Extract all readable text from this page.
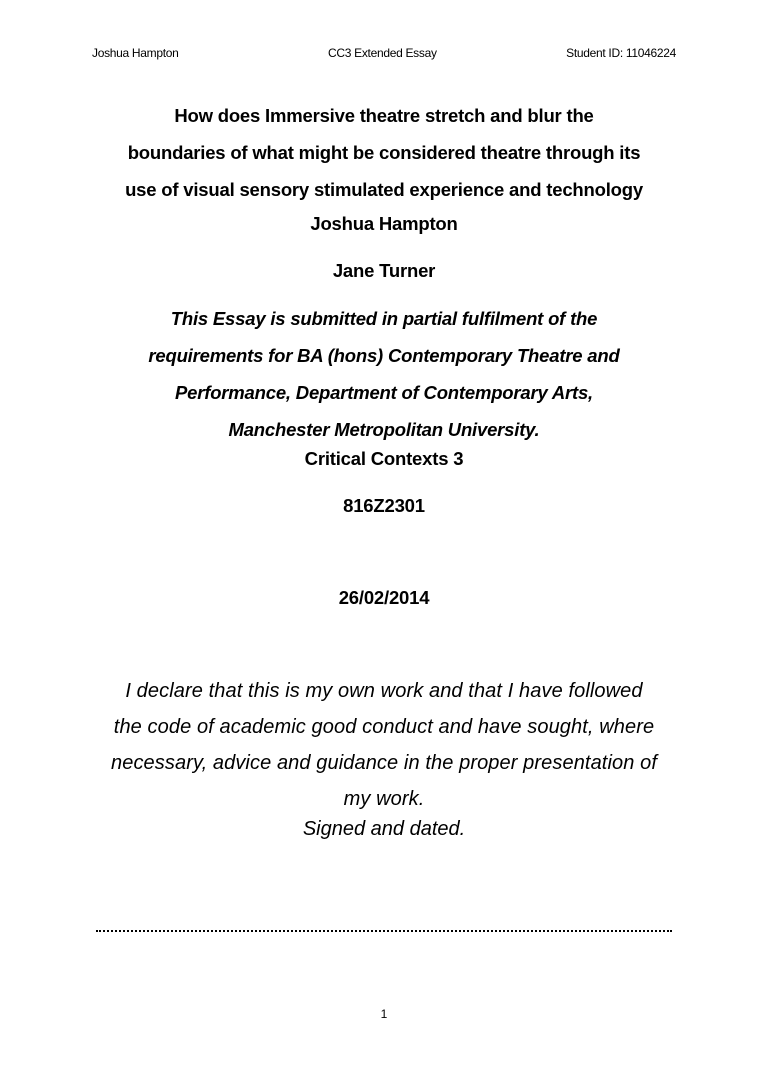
Joshua Hampton	CC3 Extended Essay	Student ID: 11046224
How does Immersive theatre stretch and blur the
boundaries of what might be considered theatre through its
use of visual sensory stimulated experience and technology
Joshua Hampton
Jane Turner
This Essay is submitted in partial fulfilment of the
requirements for BA (hons) Contemporary Theatre and
Performance, Department of Contemporary Arts,
Manchester Metropolitan University.
Critical Contexts 3
816Z2301
26/02/2014
I declare that this is my own work and that I have followed
the code of academic good conduct and have sought, where
necessary, advice and guidance in the proper presentation of
my work.
Signed and dated.
1
